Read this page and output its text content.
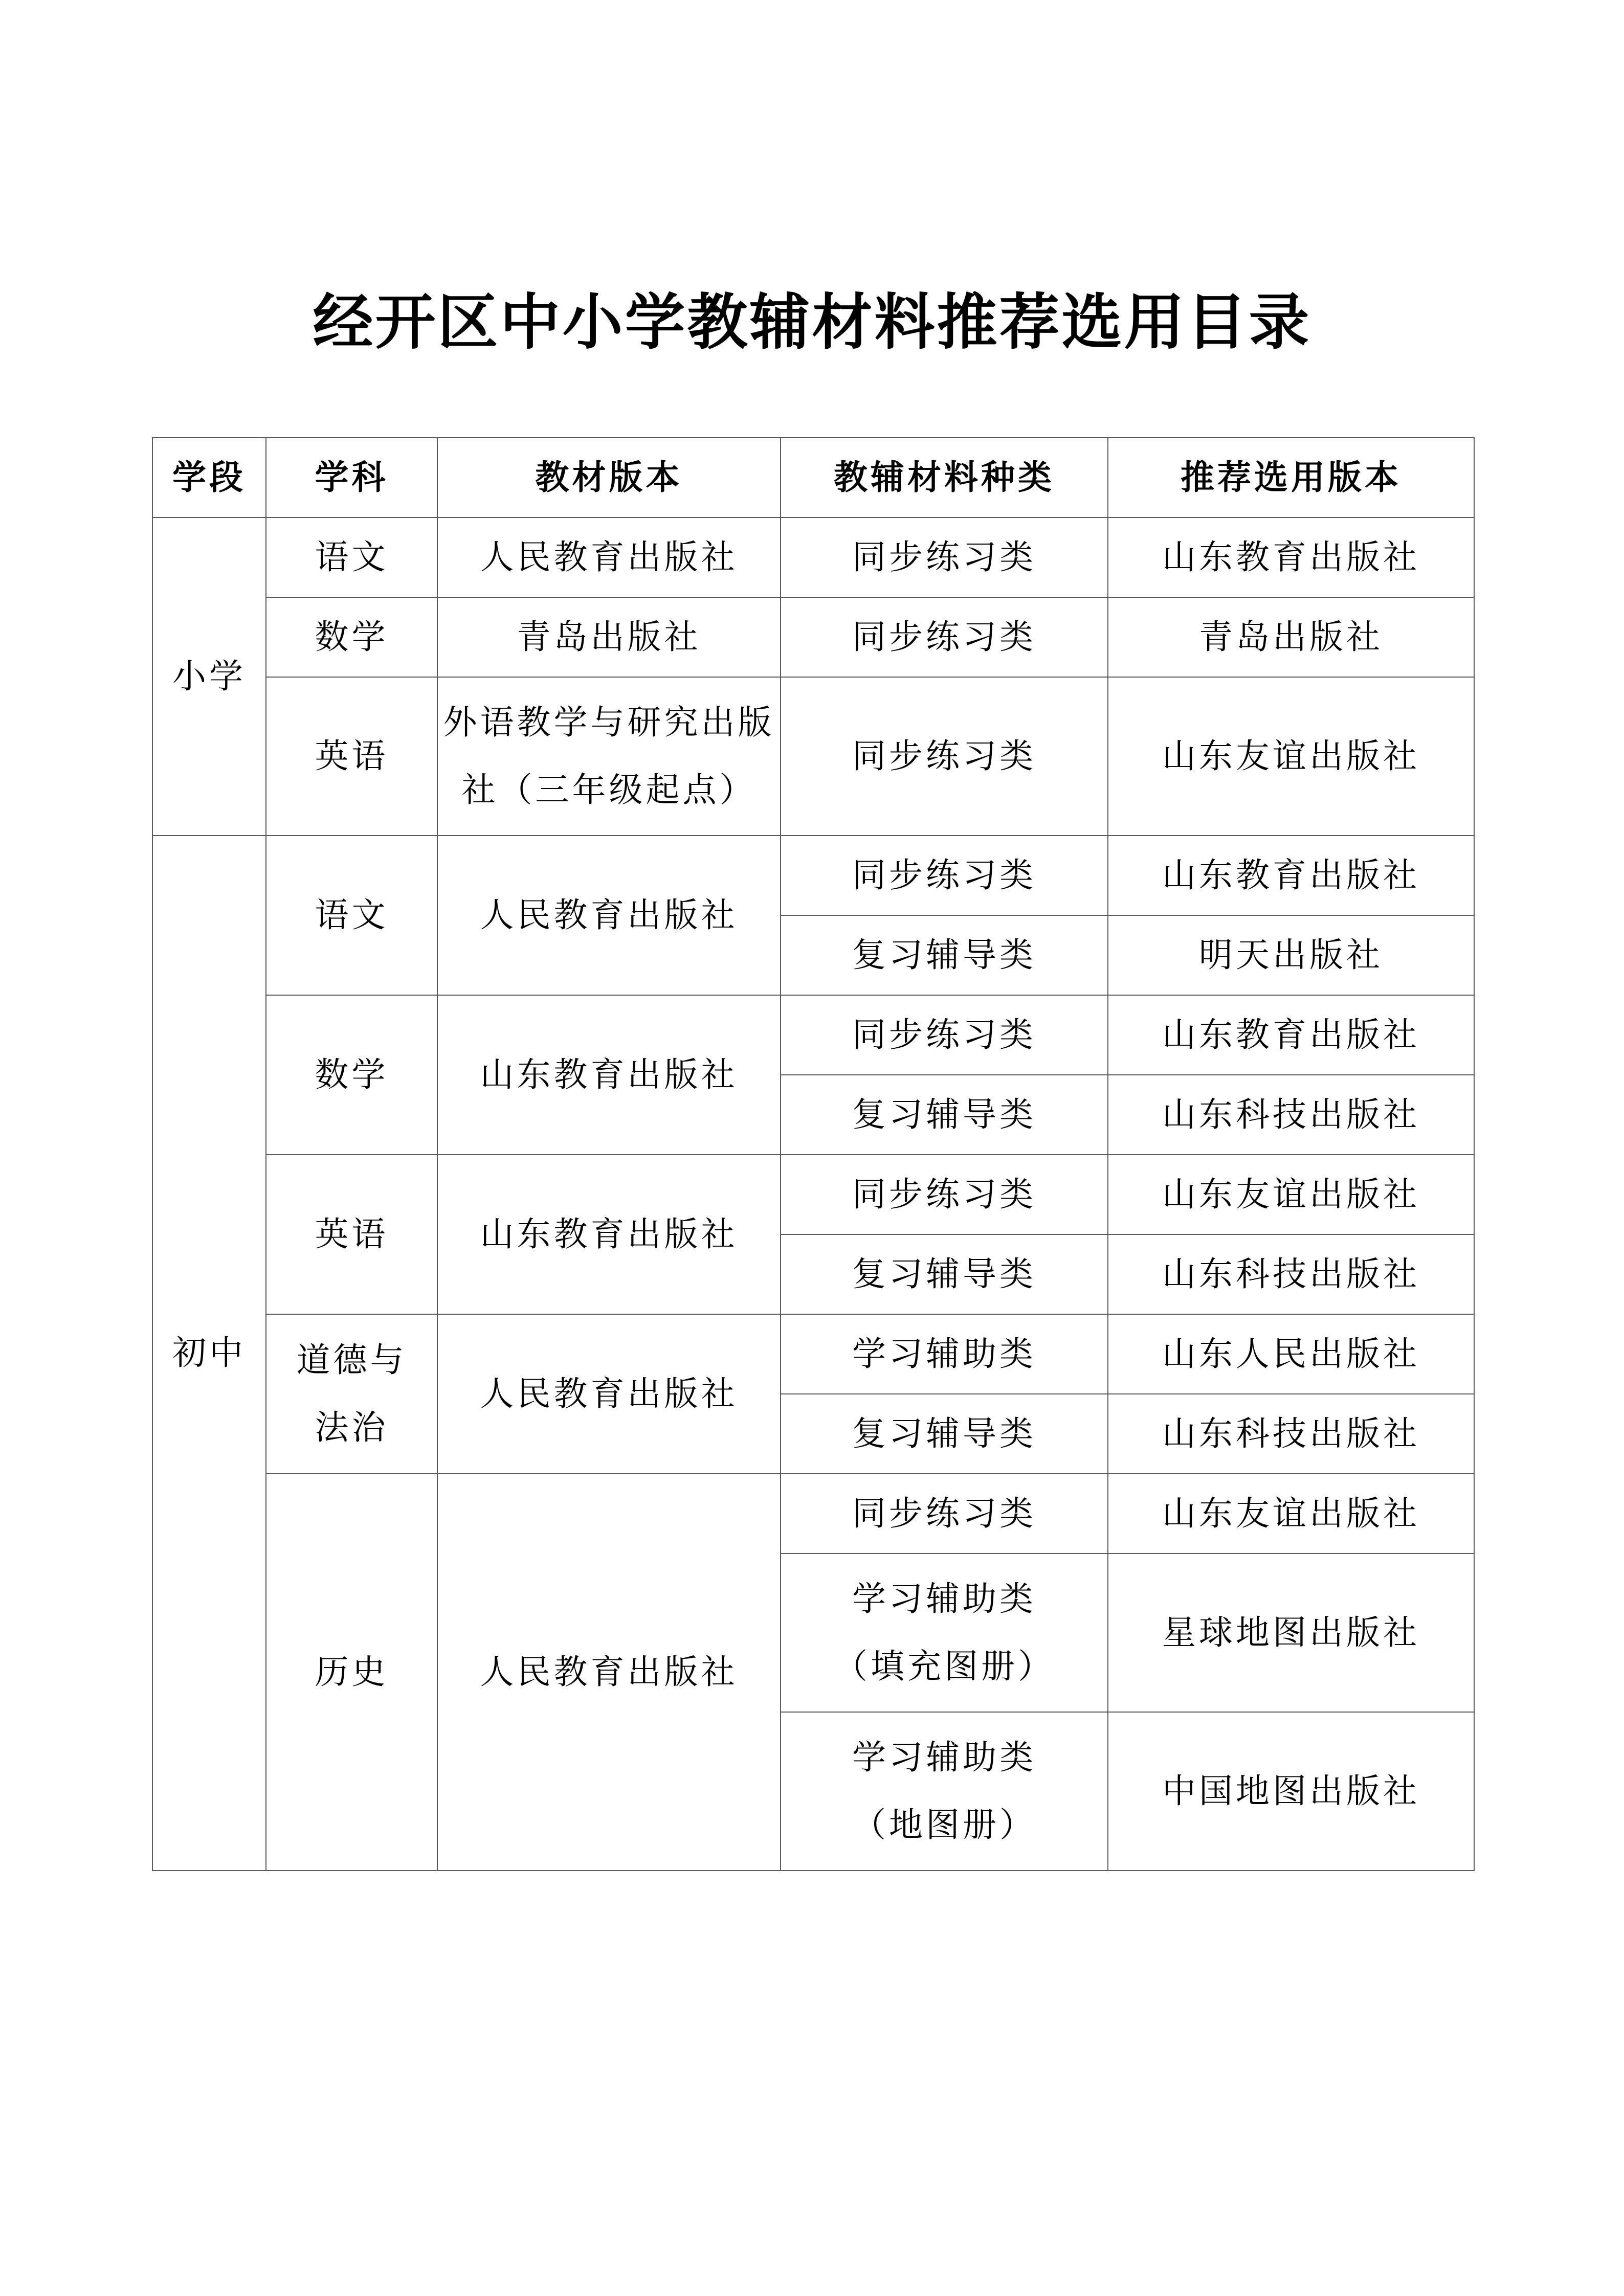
经开区中小学教辅材料推荐选用目录
学段	学科	教材版本	教辅材料种类	推荐选用版本
小学	语文	人民教育出版社	同步练习类	山东教育出版社
	数学	青岛出版社	同步练习类	青岛出版社
	英语	外语教学与研究出版社（三年级起点）	同步练习类	山东友谊出版社
初中	语文	人民教育出版社	同步练习类	山东教育出版社
			复习辅导类	明天出版社
	数学	山东教育出版社	同步练习类	山东教育出版社
			复习辅导类	山东科技出版社
	英语	山东教育出版社	同步练习类	山东友谊出版社
			复习辅导类	山东科技出版社
	道德与法治	人民教育出版社	学习辅助类	山东人民出版社
			复习辅导类	山东科技出版社
	历史	人民教育出版社	同步练习类	山东友谊出版社
			学习辅助类（填充图册）	星球地图出版社
			学习辅助类（地图册）	中国地图出版社
